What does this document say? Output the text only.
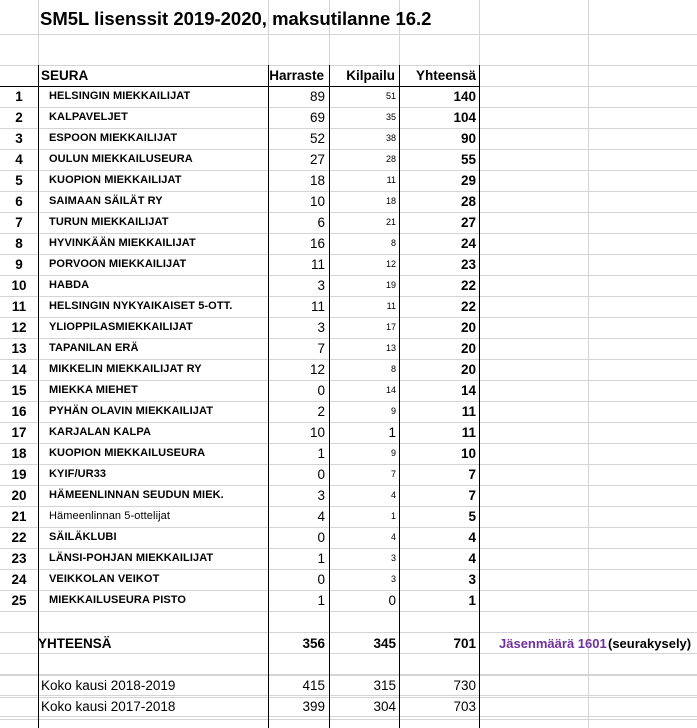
SEURA	Harraste	Kilpailu	Yhteensä
1	HELSINGIN MIEKKAILIJAT	89	51	140
2	KALPAVELJET	69	35	104
3	ESPOON MIEKKAILIJAT	52	38	90
4	OULUN MIEKKAILUSEURA	27	28	55
5	KUOPION MIEKKAILIJAT	18	11	29
6	SAIMAAN SÄILÄT RY	10	18	28
7	TURUN MIEKKAILIJAT	6	21	27
8	HYVINKÄÄN MIEKKAILIJAT	16	8	24
9	PORVOON MIEKKAILIJAT	11	12	23
10	HABDA	3	19	22
11	HELSINGIN NYKYAIKAISET 5-OTT.	11	11	22
12	YLIOPPILASMIEKKAILIJAT	3	17	20
13	TAPANILAN ERÄ	7	13	20
14	MIKKELIN MIEKKAILIJAT RY	12	8	20
15	MIEKKA MIEHET	0	14	14
16	PYHÄN OLAVIN MIEKKAILIJAT	2	9	11
17	KARJALAN KALPA	10	1	11
18	KUOPION MIEKKAILUSEURA	1	9	10
19	KYIF/UR33	0	7	7
20	HÄMEENLINNAN SEUDUN MIEK.	3	4	7
21	Hämeenlinnan 5-ottelijat	4	1	5
22	SÄILÄKLUBI	0	4	4
23	LÄNSI-POHJAN MIEKKAILIJAT	1	3	4
24	VEIKKOLAN VEIKOT	0	3	3
25	MIEKKAILUSEURA PISTO	1	0	1
YHTEENSÄ	356	345	701 Jäsenmäärä 1601 (seurakysely)
Koko kausi 2018-2019	415	315	730
Koko kausi 2017-2018	399	304	703
SM5L lisenssit 2019-2020, maksutilanne 16.2
